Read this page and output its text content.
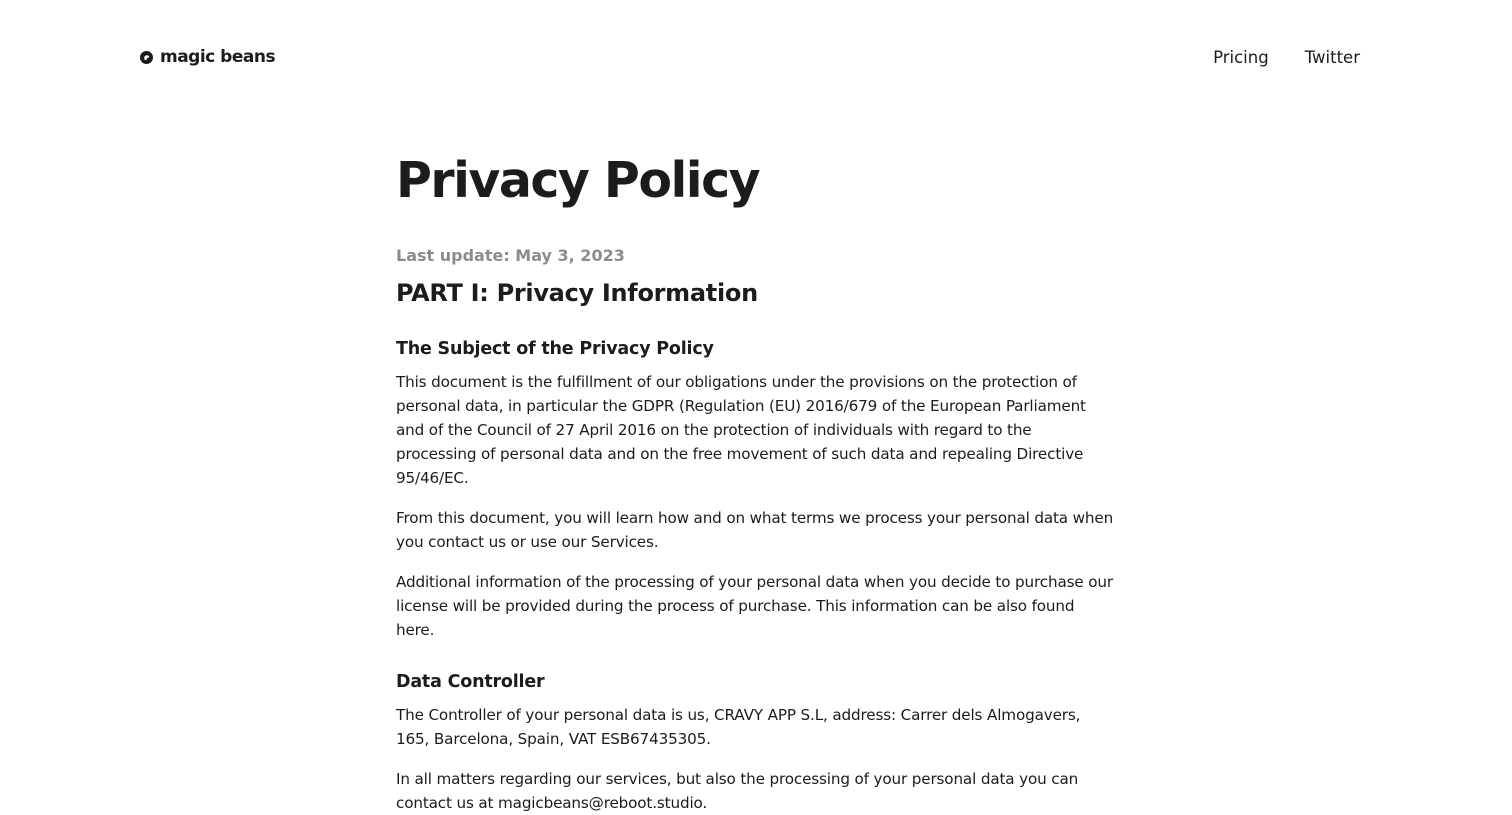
magic beans	Pricing Twitter
Privacy Policy
Last update: May 3, 2023
PART I: Privacy Information
The Subject of the Privacy Policy

This document is the fulfillment of our obligations under the provisions on the protection of personal data, in particular the GDPR (Regulation (EU) 2016/679 of the European Parliament and of the Council of 27 April 2016 on the protection of individuals with regard to the processing of personal data and on the free movement of such data and repealing Directive 95/46/EC.

From this document, you will learn how and on what terms we process your personal data when you contact us or use our Services.

Additional information of the processing of your personal data when you decide to purchase our license will be provided during the process of purchase. This information can be also found here.

Data Controller

The Controller of your personal data is us, CRAVY APP S.L, address: Carrer dels Almogavers, 165, Barcelona, Spain, VAT ESB67435305.

In all matters regarding our services, but also the processing of your personal data you can contact us at magicbeans@reboot.studio.
